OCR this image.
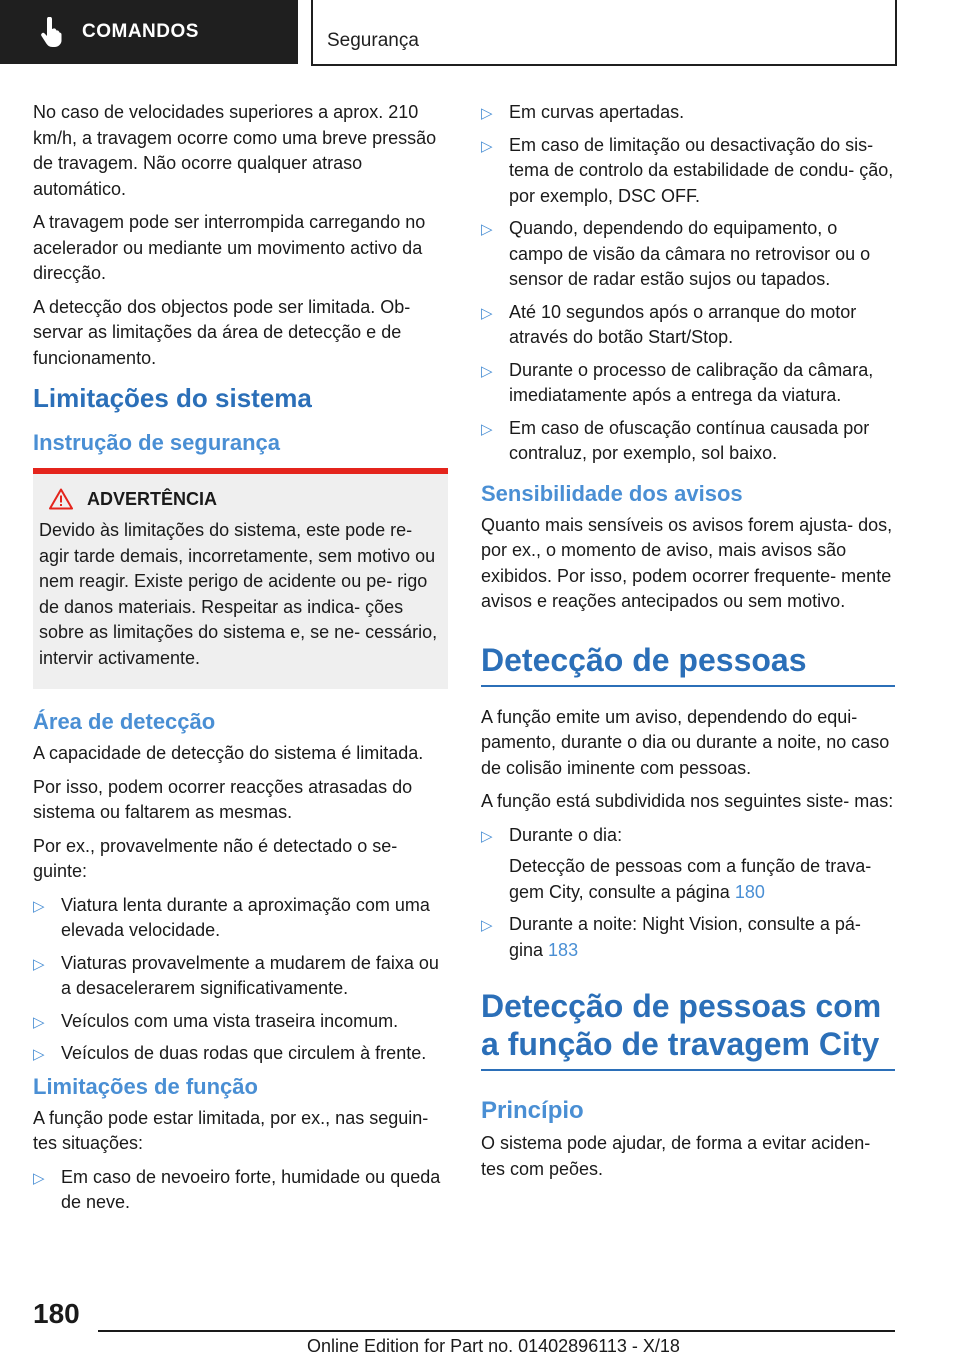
COMANDOS	Segurança

No caso de velocidades superiores a aprox. 210 km/h, a travagem ocorre como uma breve pressão de travagem. Não ocorre qualquer atraso automático.

A travagem pode ser interrompida carregando no acelerador ou mediante um movimento activo da direcção.

A detecção dos objectos pode ser limitada. Ob‐ servar as limitações da área de detecção e de funcionamento.

Limitações do sistema
Instrução de segurança
ADVERTÊNCIA
Devido às limitações do sistema, este pode re‐ agir tarde demais, incorretamente, sem motivo ou nem reagir. Existe perigo de acidente ou pe‐ rigo de danos materiais. Respeitar as indica‐ ções sobre as limitações do sistema e, se ne‐ cessário, intervir activamente.
Área de detecção

A capacidade de detecção do sistema é limitada.

Por isso, podem ocorrer reacções atrasadas do sistema ou faltarem as mesmas.

Por ex., provavelmente não é detectado o se‐ guinte:

▷ Viatura lenta durante a aproximação com uma elevada velocidade.
▷ Viaturas provavelmente a mudarem de faixa ou a desacelerarem significativamente.
▷ Veículos com uma vista traseira incomum.
▷ Veículos de duas rodas que circulem à frente.
Limitações de função

A função pode estar limitada, por ex., nas seguin‐ tes situações:

▷ Em caso de nevoeiro forte, humidade ou queda de neve.
▷ Em curvas apertadas.
▷ Em caso de limitação ou desactivação do sis‐ tema de controlo da estabilidade de condu‐ ção, por exemplo, DSC OFF.
▷ Quando, dependendo do equipamento, o campo de visão da câmara no retrovisor ou o sensor de radar estão sujos ou tapados.
▷ Até 10 segundos após o arranque do motor através do botão Start/Stop.
▷ Durante o processo de calibração da câmara, imediatamente após a entrega da viatura.
▷ Em caso de ofuscação contínua causada por contraluz, por exemplo, sol baixo.
Sensibilidade dos avisos

Quanto mais sensíveis os avisos forem ajusta‐ dos, por ex., o momento de aviso, mais avisos são exibidos. Por isso, podem ocorrer frequente‐ mente avisos e reações antecipados ou sem motivo.

Detecção de pessoas

A função emite um aviso, dependendo do equi‐ pamento, durante o dia ou durante a noite, no caso de colisão iminente com pessoas.

A função está subdividida nos seguintes siste‐ mas:

▷ Durante o dia:
Detecção de pessoas com a função de trava‐ gem City, consulte a página 180
▷ Durante a noite: Night Vision, consulte a pá‐ gina 183
Detecção de pessoas com a função de travagem City
Princípio

O sistema pode ajudar, de forma a evitar aciden‐ tes com peões.

180
Online Edition for Part no. 01402896113 - X/18
